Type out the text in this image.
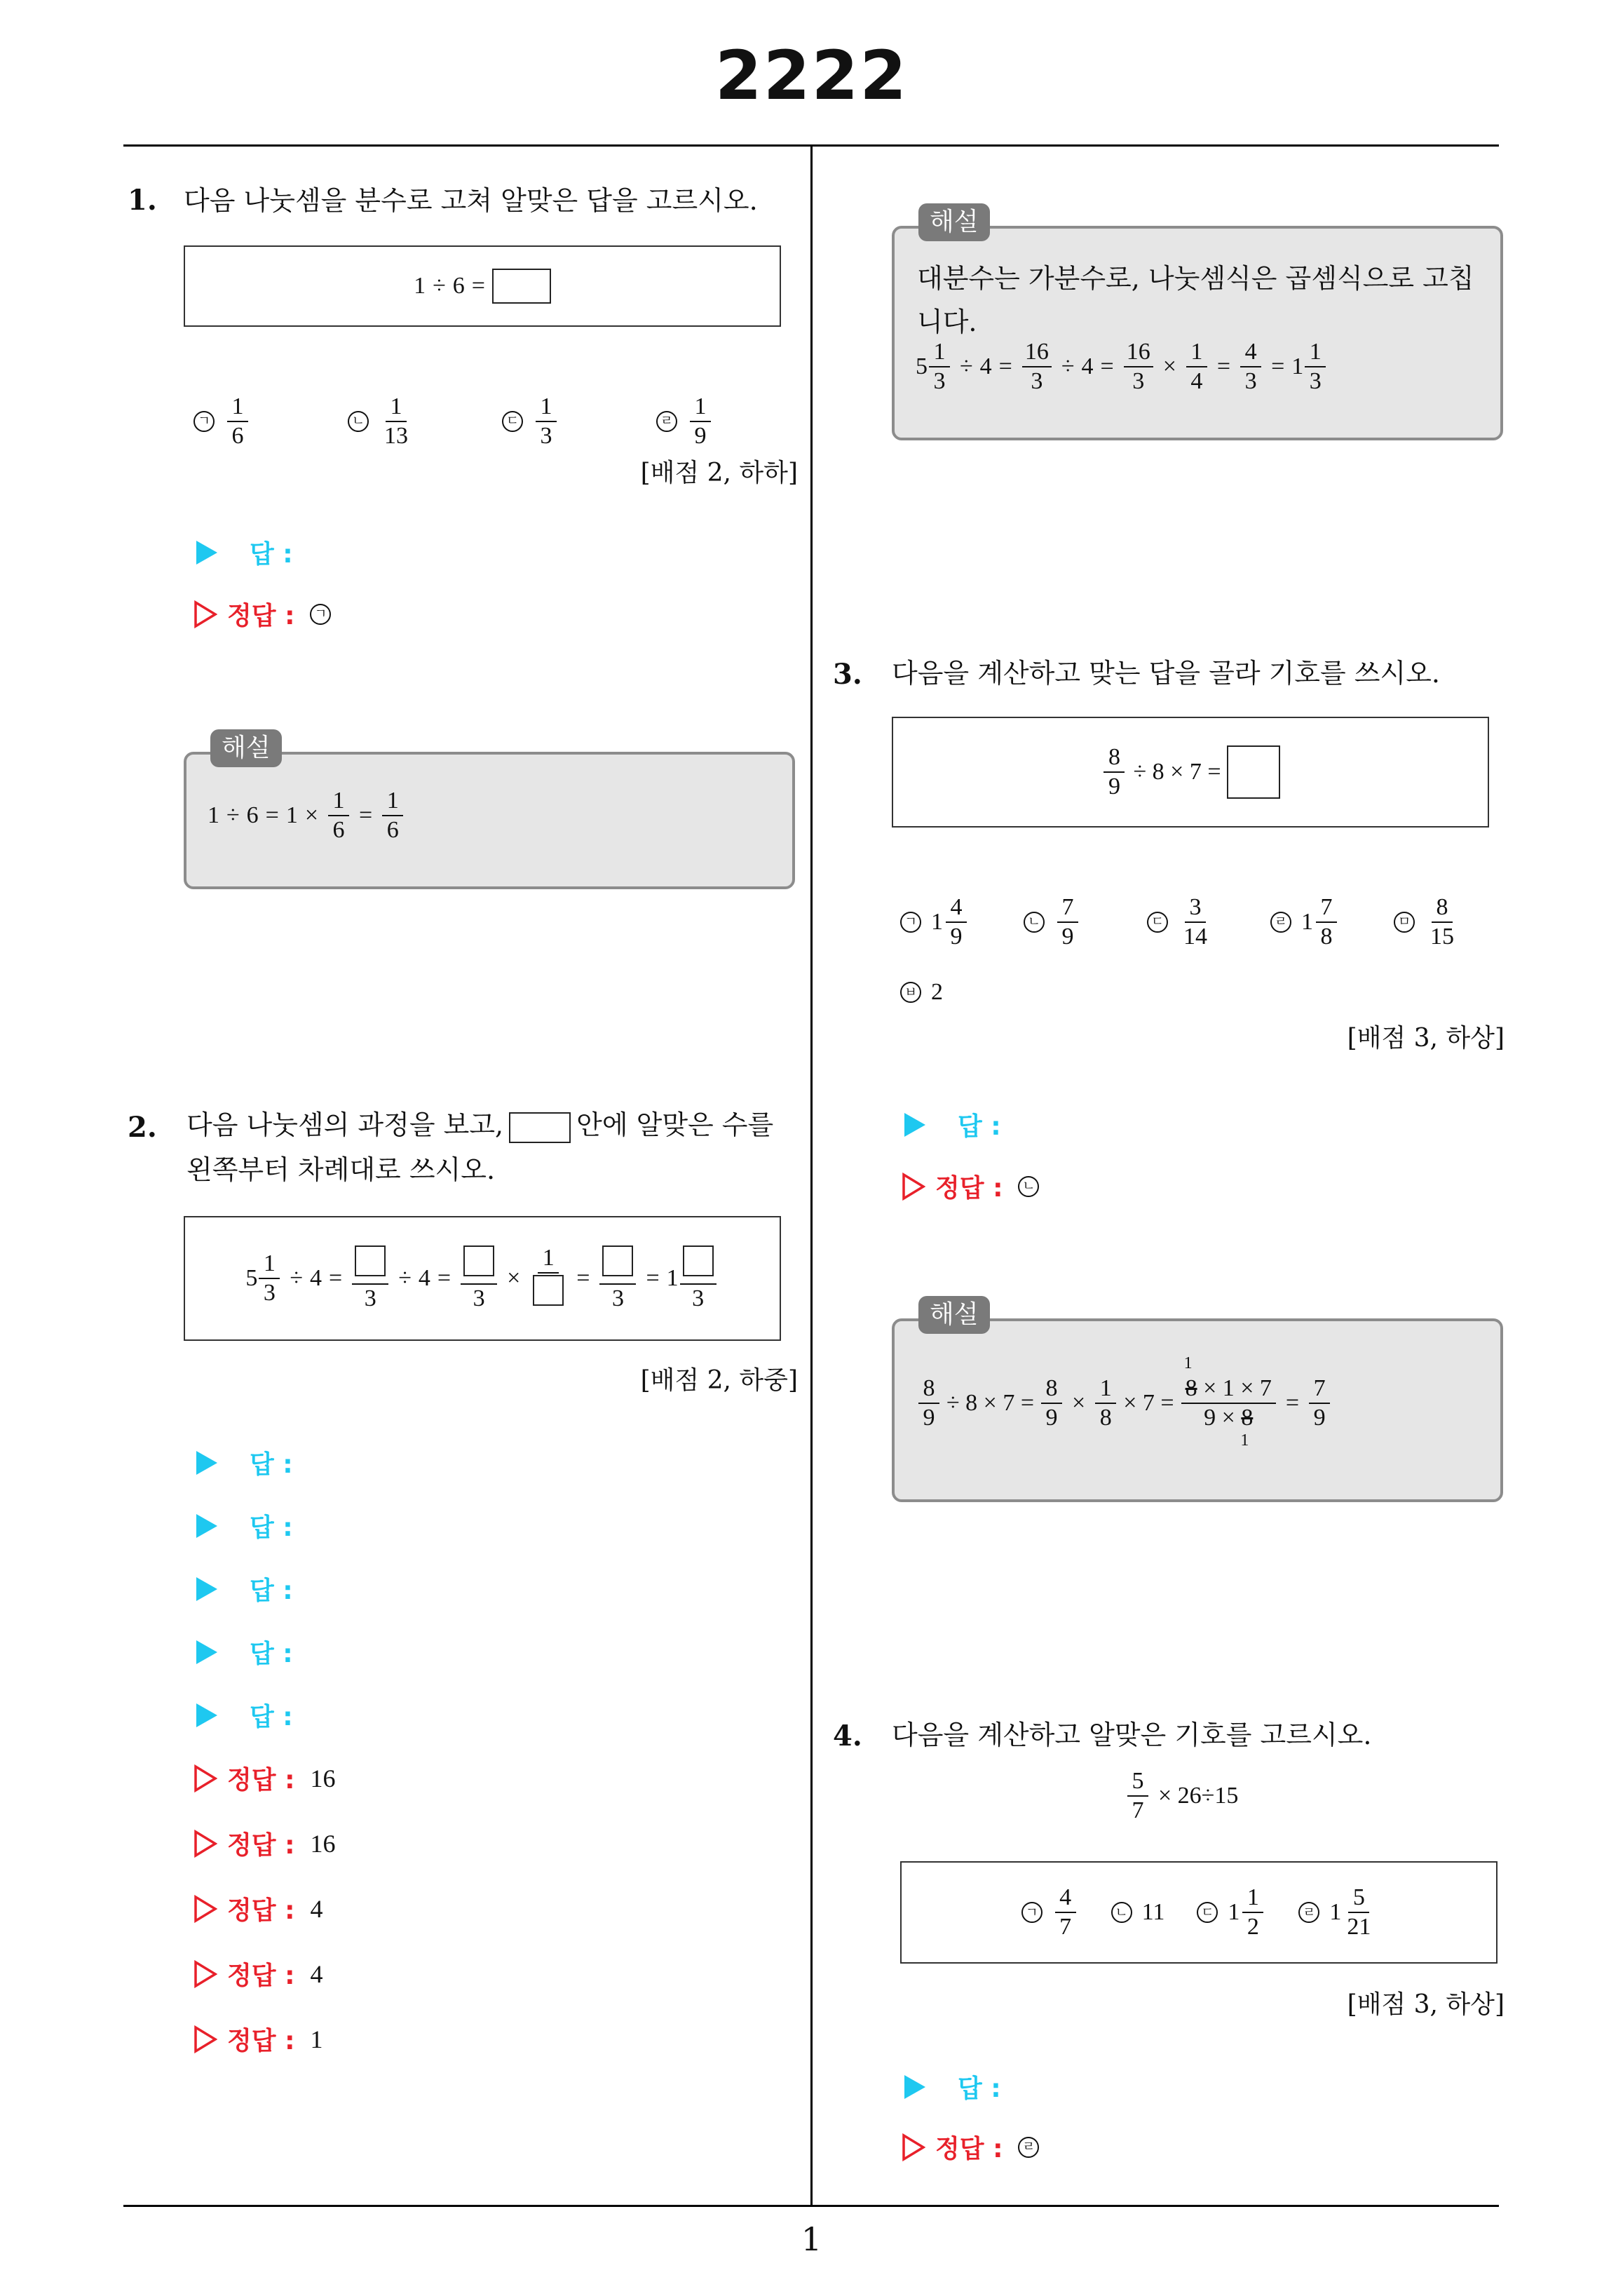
2222
1
1. 다음 나눗셈을 분수로 고쳐 알맞은 답을 고르시오.
1 ÷ 6 =
ㄱ $\frac{1}{6}$	ㄴ $\frac{1}{13}$	ㄷ $\frac{1}{3}$	ㄹ $\frac{1}{9}$
[배점 2, 하하]
답 :
정답 :	ㄱ
해설
$1 \div 6 = 1 \times \frac{1}{6} = \frac{1}{6}$
2. 다음 나눗셈의 과정을 보고,	안에 알맞은 수를
왼쪽부터 차례대로 쓰시오.
$5 \frac{1}{3} \div 4$ =
3
÷ 4 =
3
×
1
=
3
= 1
3
[배점 2, 하중]
답 :
답 :
답 :
답 :
답 :
정답 : 16
정답 : 16
정답 : 4
정답 : 4
정답 : 1
해설
대분수는 가분수로, 나눗셈식은 곱셈식으로 고칩
니다.
$5 \frac{1}{3} \div 4 = \frac{16}{3} \div 4 = \frac{16}{3} \times \frac{1}{4} = \frac{4}{3} = 1 \frac{1}{3}$
3. 다음을 계산하고 맞는 답을 골라 기호를 쓰시오.
$\frac{8}{9} \div 8 \times 7$ =
ㄱ $1 \frac{4}{9}$	ㄴ $\frac{7}{9}$	ㄷ $\frac{3}{14}$	ㄹ $1 \frac{7}{8}$	ㅁ $\frac{8}{15}$
ㅂ 2
[배점 3, 하상]
답 :
정답 :	ㄴ
해설
$\frac{8}{9} \div 8 \times 7 = \frac{8}{9} \times \frac{1}{8} \times 7 = 1$
8 × 1 × 7
9 × 8
$1 = \frac{7}{9}$
4. 다음을 계산하고 알맞은 기호를 고르시오.
$\frac{5}{7} \times 26\div 15$
ㄱ $\frac{4}{7}$	ㄴ 11	ㄷ $1 \frac{1}{2}$	ㄹ $1 \frac{5}{21}$
[배점 3, 하상]
답 :
정답 :	ㄹ
